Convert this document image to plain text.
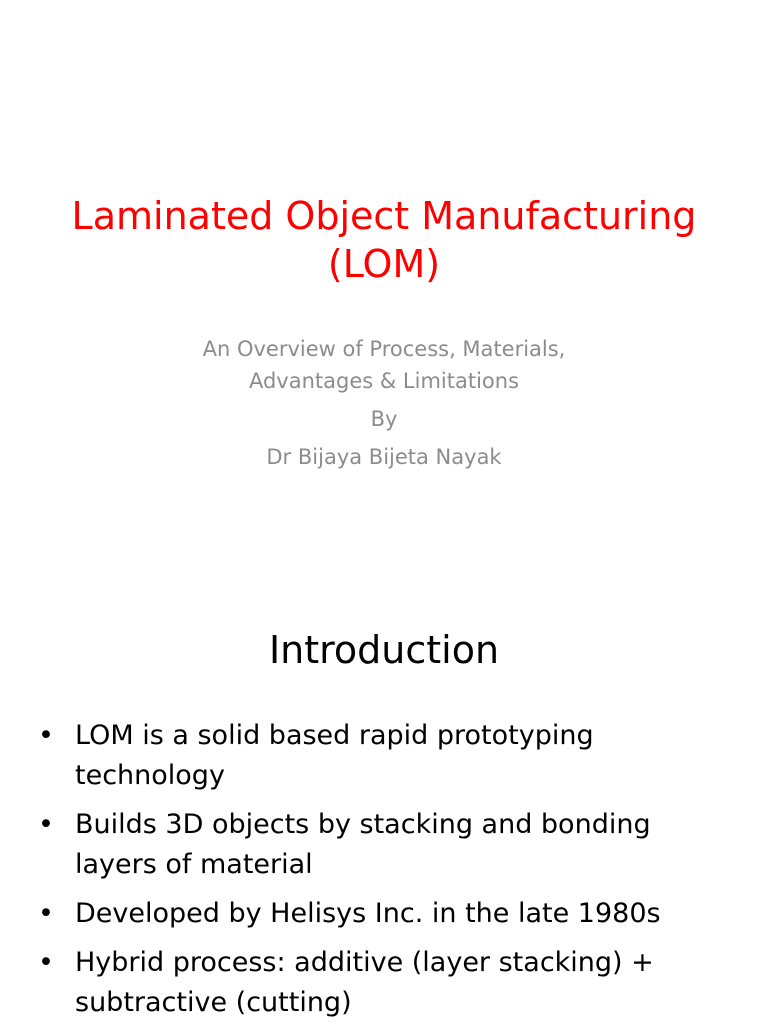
Laminated Object Manufacturing
(LOM)
An Overview of Process, Materials,
Advantages & Limitations
By
Dr Bijaya Bijeta Nayak
Introduction
• LOM is a solid based rapid prototyping
technology
• Builds 3D objects by stacking and bonding
layers of material
• Developed by Helisys Inc. in the late 1980s
• Hybrid process: additive (layer stacking) +
subtractive (cutting)
